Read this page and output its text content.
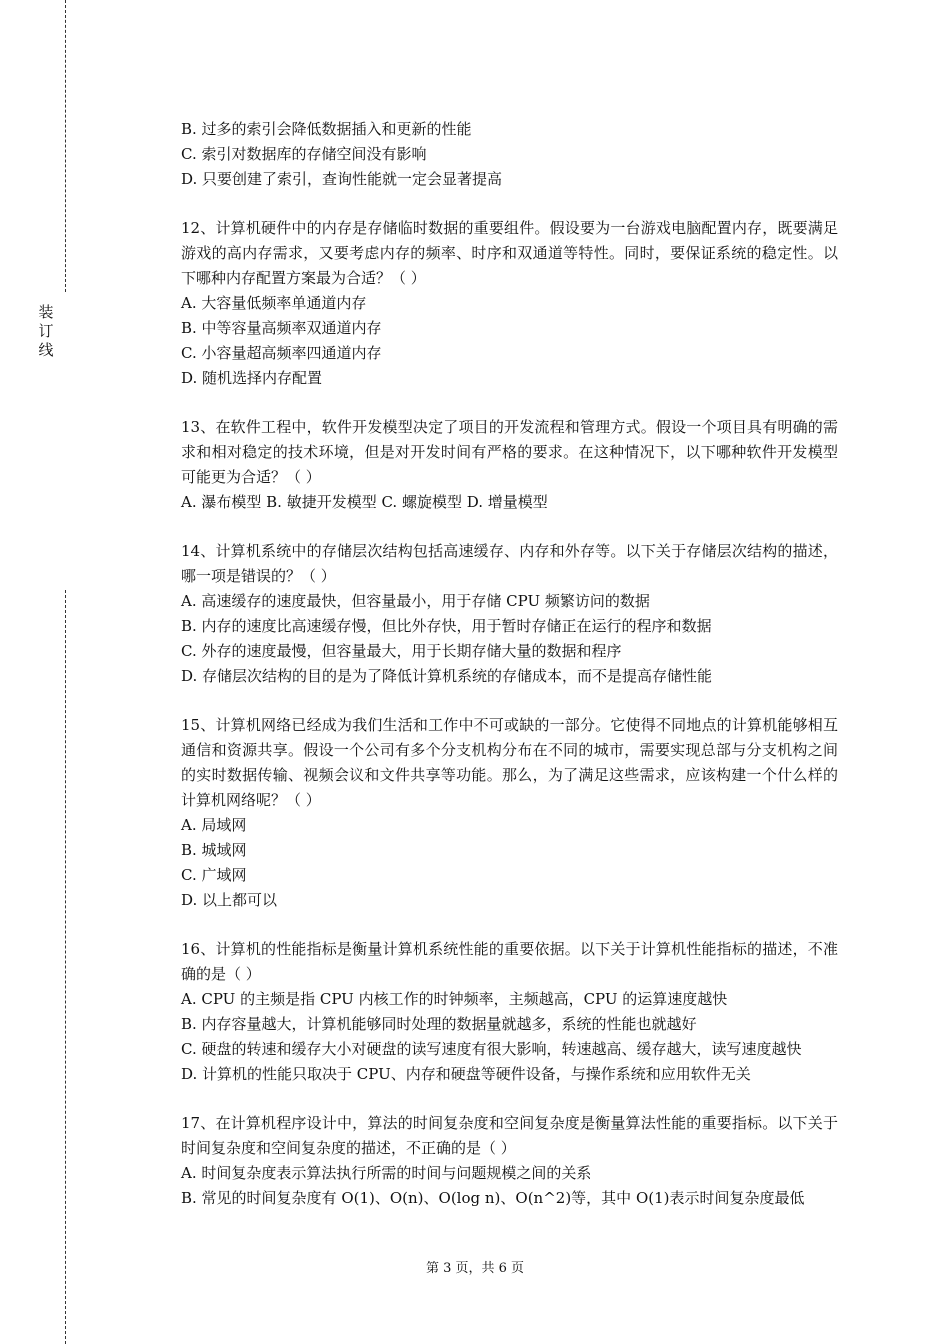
装
订
线
B. 过多的索引会降低数据插入和更新的性能
C. 索引对数据库的存储空间没有影响
D. 只要创建了索引，查询性能就一定会显著提高
12、计算机硬件中的内存是存储临时数据的重要组件。假设要为一台游戏电脑配置内存，既要满足游戏的高内存需求，又要考虑内存的频率、时序和双通道等特性。同时，要保证系统的稳定性。以下哪种内存配置方案最为合适？（ ）
A. 大容量低频率单通道内存
B. 中等容量高频率双通道内存
C. 小容量超高频率四通道内存
D. 随机选择内存配置
13、在软件工程中，软件开发模型决定了项目的开发流程和管理方式。假设一个项目具有明确的需求和相对稳定的技术环境，但是对开发时间有严格的要求。在这种情况下，以下哪种软件开发模型可能更为合适？（ ）
A. 瀑布模型 B. 敏捷开发模型 C. 螺旋模型 D. 增量模型
14、计算机系统中的存储层次结构包括高速缓存、内存和外存等。以下关于存储层次结构的描述，哪一项是错误的？（ ）
A. 高速缓存的速度最快，但容量最小，用于存储 CPU 频繁访问的数据
B. 内存的速度比高速缓存慢，但比外存快，用于暂时存储正在运行的程序和数据
C. 外存的速度最慢，但容量最大，用于长期存储大量的数据和程序
D. 存储层次结构的目的是为了降低计算机系统的存储成本，而不是提高存储性能
15、计算机网络已经成为我们生活和工作中不可或缺的一部分。它使得不同地点的计算机能够相互通信和资源共享。假设一个公司有多个分支机构分布在不同的城市，需要实现总部与分支机构之间的实时数据传输、视频会议和文件共享等功能。那么，为了满足这些需求，应该构建一个什么样的计算机网络呢？（ ）
A. 局域网
B. 城域网
C. 广域网
D. 以上都可以
16、计算机的性能指标是衡量计算机系统性能的重要依据。以下关于计算机性能指标的描述，不准确的是（ ）
A. CPU 的主频是指 CPU 内核工作的时钟频率，主频越高，CPU 的运算速度越快
B. 内存容量越大，计算机能够同时处理的数据量就越多，系统的性能也就越好
C. 硬盘的转速和缓存大小对硬盘的读写速度有很大影响，转速越高、缓存越大，读写速度越快
D. 计算机的性能只取决于 CPU、内存和硬盘等硬件设备，与操作系统和应用软件无关
17、在计算机程序设计中，算法的时间复杂度和空间复杂度是衡量算法性能的重要指标。以下关于时间复杂度和空间复杂度的描述，不正确的是（ ）
A. 时间复杂度表示算法执行所需的时间与问题规模之间的关系
B. 常见的时间复杂度有 O(1)、O(n)、O(log n)、O(n^2)等，其中 O(1)表示时间复杂度最低
第 3 页，共 6 页
